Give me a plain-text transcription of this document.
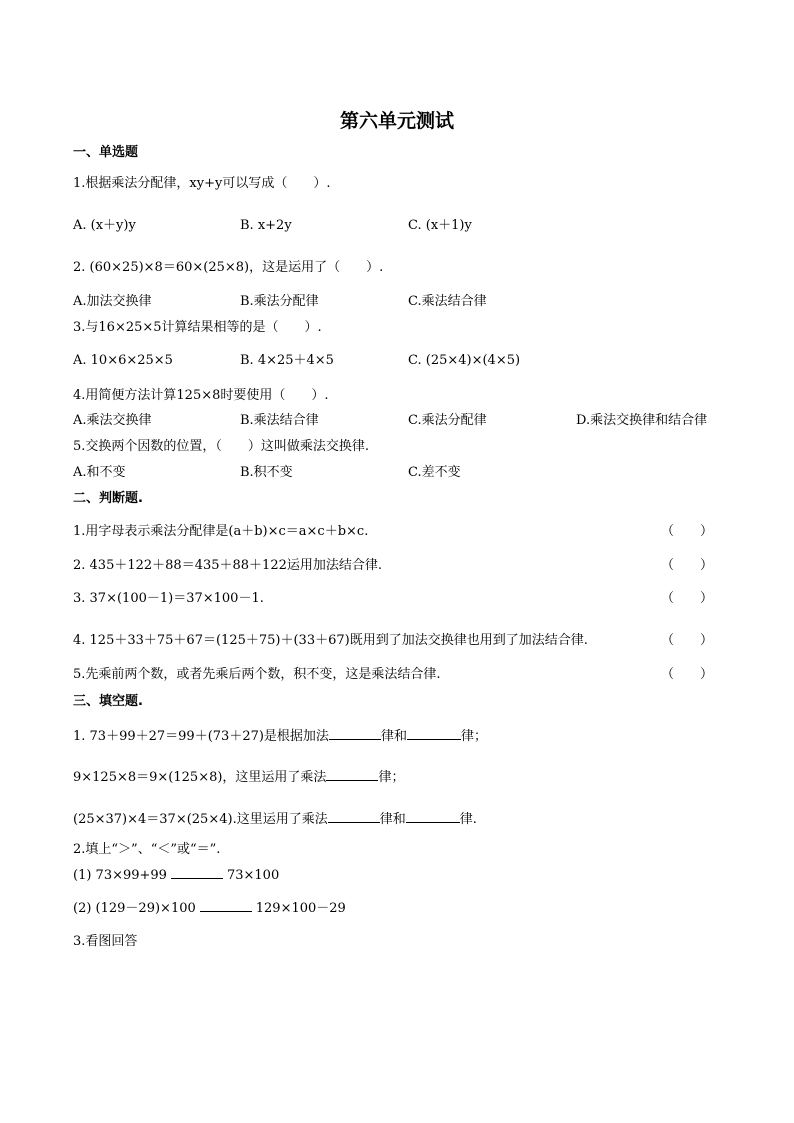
第六单元测试
一、单选题
1.根据乘法分配律，xy+y可以写成（　　）.
A. (x＋y)y	B. x+2y	C. (x＋1)y
2. (60×25)×8＝60×(25×8)，这是运用了（　　）.
A.加法交换律	B.乘法分配律	C.乘法结合律
3.与16×25×5计算结果相等的是（　　）.
A. 10×6×25×5	B. 4×25＋4×5	C. (25×4)×(4×5)
4.用简便方法计算125×8时要使用（　　）.
A.乘法交换律	B.乘法结合律	C.乘法分配律	D.乘法交换律和结合律
5.交换两个因数的位置，（　　）这叫做乘法交换律.
A.和不变	B.积不变	C.差不变
二、判断题.
1.用字母表示乘法分配律是(a＋b)×c＝a×c＋b×c.	（　　）
2. 435＋122＋88＝435＋88＋122运用加法结合律.	（　　）
3. 37×(100－1)＝37×100－1.	（　　）
4. 125＋33＋75＋67＝(125＋75)＋(33＋67)既用到了加法交换律也用到了加法结合律.	（　　）
5.先乘前两个数，或者先乘后两个数，积不变，这是乘法结合律.	（　　）
三、填空题.
1. 73＋99＋27＝99＋(73＋27)是根据加法	律和	律；
9×125×8＝9×(125×8)，这里运用了乘法	律；
(25×37)×4＝37×(25×4).这里运用了乘法	律和	律.
2.填上“＞”、“＜”或“＝”.
(1) 73×99+99	73×100
(2) (129－29)×100	129×100－29
3.看图回答
